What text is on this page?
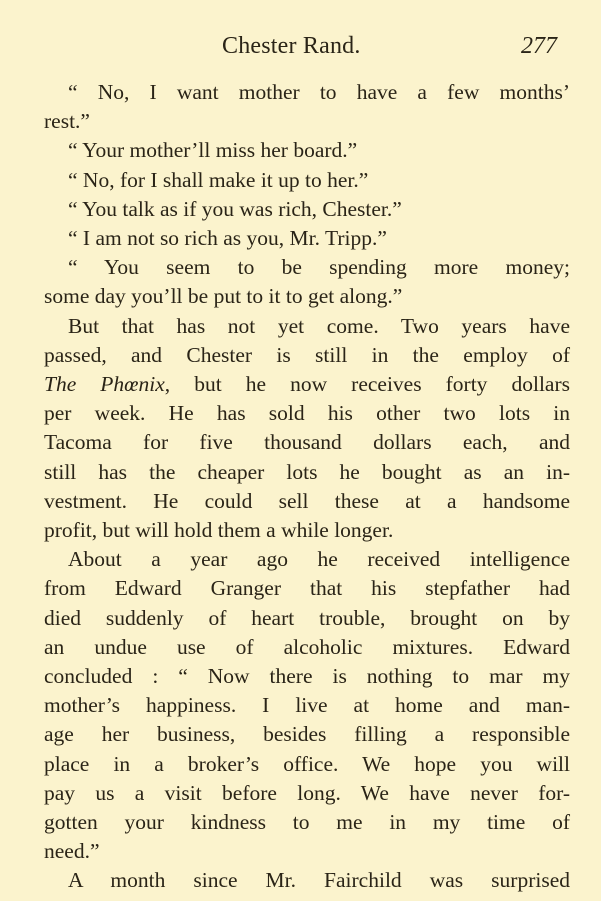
Chester Rand.	277
“ No, I want mother to have a few months’
rest.”
“ Your mother’ll miss her board.”
“ No, for I shall make it up to her.”
“ You talk as if you was rich, Chester.”
“ I am not so rich as you, Mr. Tripp.”
“ You seem to be spending more money;
some day you’ll be put to it to get along.”
But that has not yet come. Two years have
passed, and Chester is still in the employ of
The Phœnix, but he now receives forty dollars
per week. He has sold his other two lots in
Tacoma for five thousand dollars each, and
still has the cheaper lots he bought as an in-
vestment. He could sell these at a handsome
profit, but will hold them a while longer.
About a year ago he received intelligence
from Edward Granger that his stepfather had
died suddenly of heart trouble, brought on by
an undue use of alcoholic mixtures. Edward
concluded : “ Now there is nothing to mar my
mother’s happiness. I live at home and man-
age her business, besides filling a responsible
place in a broker’s office. We hope you will
pay us a visit before long. We have never for-
gotten your kindness to me in my time of
need.”
A month since Mr. Fairchild was surprised
